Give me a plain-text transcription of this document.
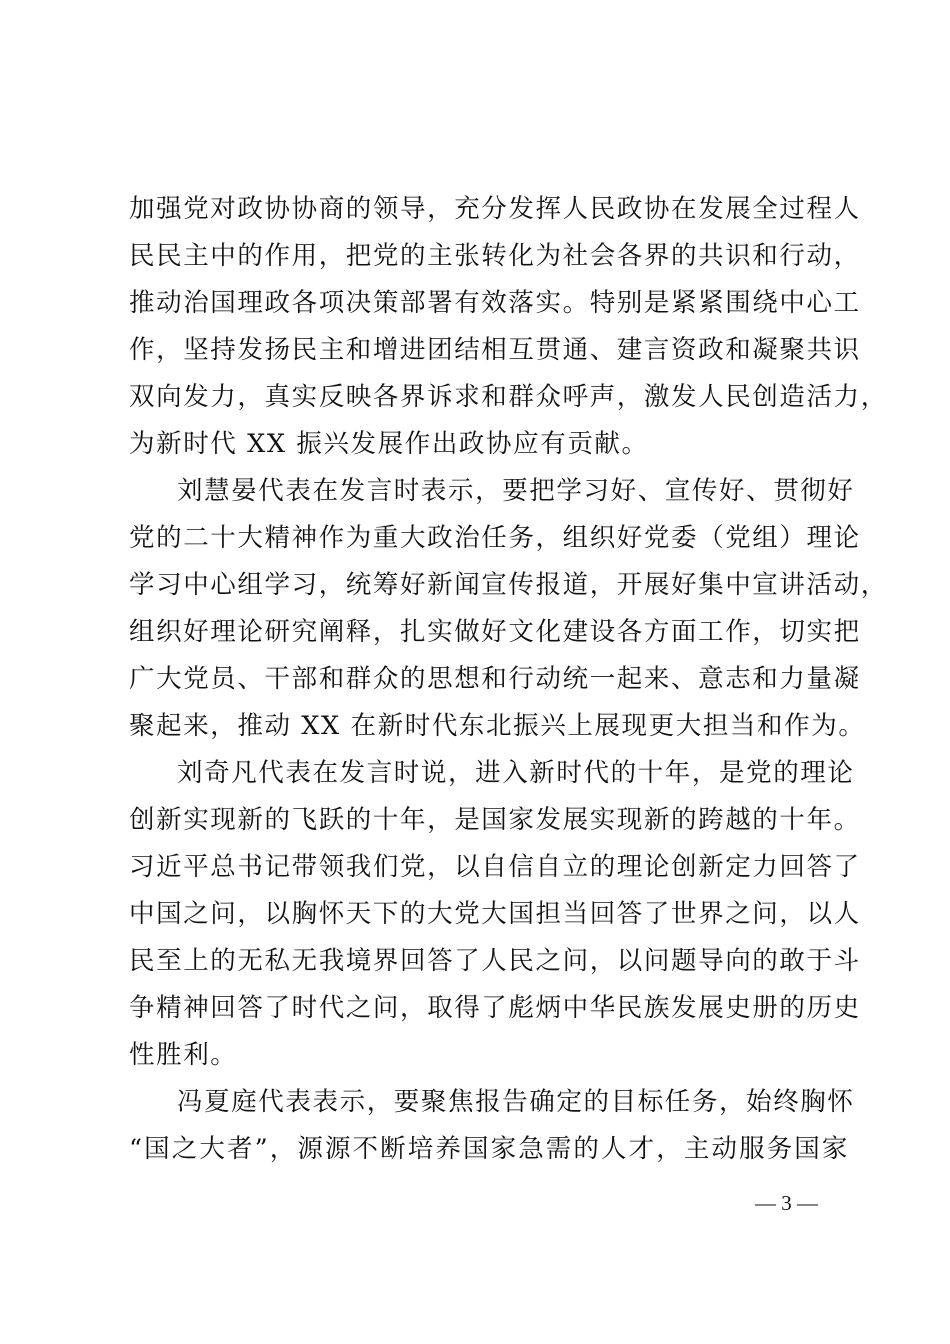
加强党对政协协商的领导，充分发挥人民政协在发展全过程人
民民主中的作用，把党的主张转化为社会各界的共识和行动，
推动治国理政各项决策部署有效落实。特别是紧紧围绕中心工
作，坚持发扬民主和增进团结相互贯通、建言资政和凝聚共识
双向发力，真实反映各界诉求和群众呼声，激发人民创造活力，
为新时代 XX 振兴发展作出政协应有贡献。
刘慧晏代表在发言时表示，要把学习好、宣传好、贯彻好
党的二十大精神作为重大政治任务，组织好党委（党组）理论
学习中心组学习，统筹好新闻宣传报道，开展好集中宣讲活动，
组织好理论研究阐释，扎实做好文化建设各方面工作，切实把
广大党员、干部和群众的思想和行动统一起来、意志和力量凝
聚起来，推动 XX 在新时代东北振兴上展现更大担当和作为。
刘奇凡代表在发言时说，进入新时代的十年，是党的理论
创新实现新的飞跃的十年，是国家发展实现新的跨越的十年。
习近平总书记带领我们党，以自信自立的理论创新定力回答了
中国之问，以胸怀天下的大党大国担当回答了世界之问，以人
民至上的无私无我境界回答了人民之问，以问题导向的敢于斗
争精神回答了时代之问，取得了彪炳中华民族发展史册的历史
性胜利。
冯夏庭代表表示，要聚焦报告确定的目标任务，始终胸怀
“国之大者”，源源不断培养国家急需的人才，主动服务国家
— 3 —
